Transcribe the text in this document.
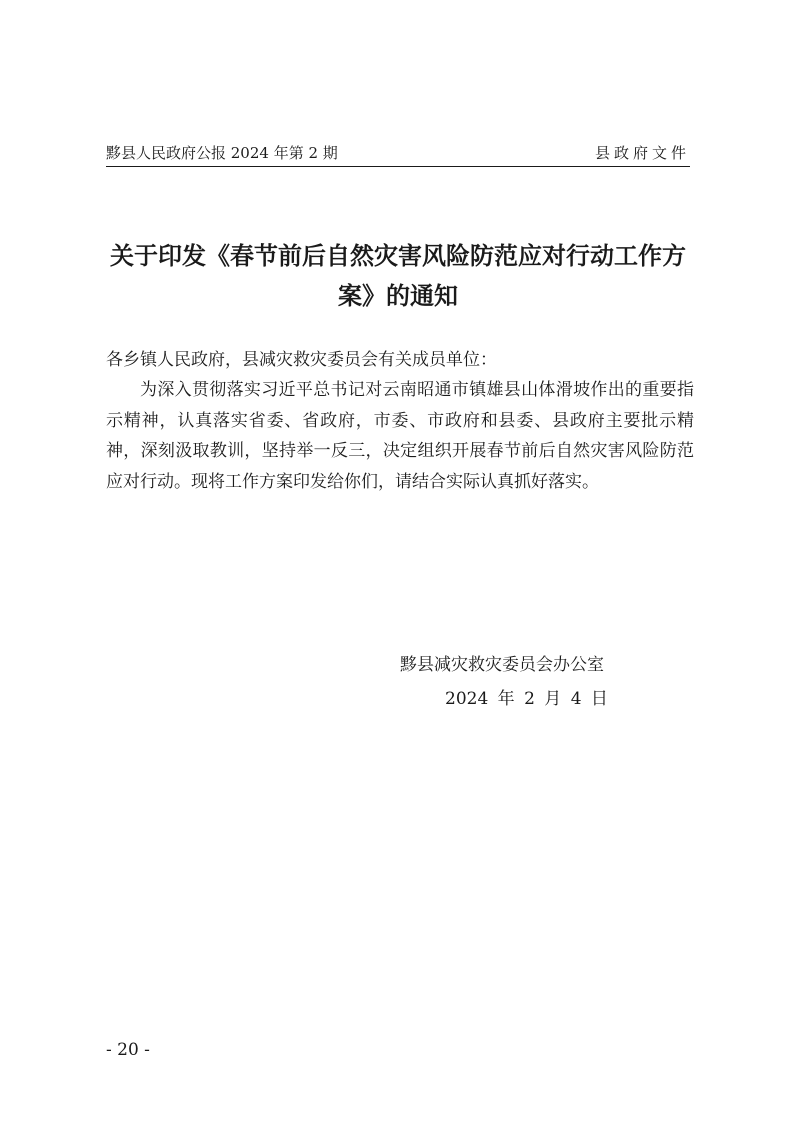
黟县人民政府公报 2024 年第 2 期	县政府文件
关于印发《春节前后自然灾害风险防范应对行动工作方案》的通知
各乡镇人民政府，县减灾救灾委员会有关成员单位：
为深入贯彻落实习近平总书记对云南昭通市镇雄县山体滑坡作出的重要指示精神，认真落实省委、省政府，市委、市政府和县委、县政府主要批示精神，深刻汲取教训，坚持举一反三，决定组织开展春节前后自然灾害风险防范应对行动。现将工作方案印发给你们，请结合实际认真抓好落实。
黟县减灾救灾委员会办公室
2024 年 2 月 4 日
- 20 -
